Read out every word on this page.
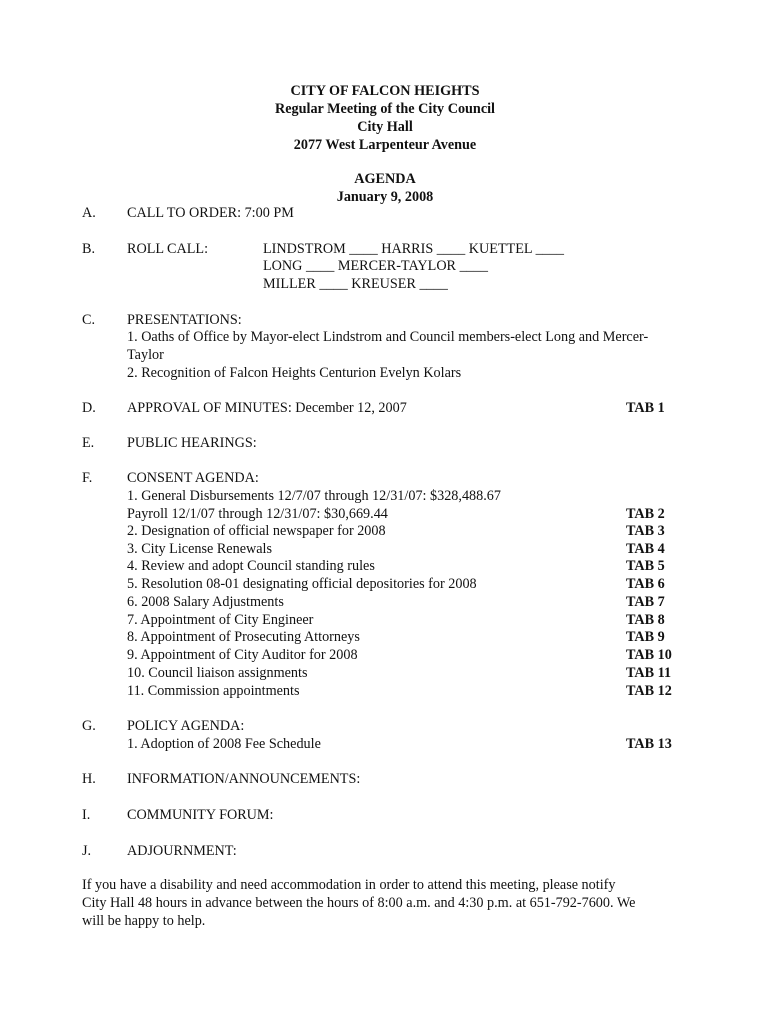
CITY OF FALCON HEIGHTS
Regular Meeting of the City Council
City Hall
2077 West Larpenteur Avenue
AGENDA
January 9, 2008
A. CALL TO ORDER: 7:00 PM
B. ROLL CALL:	LINDSTROM ____ HARRIS ____ KUETTEL ____
LONG ____ MERCER-TAYLOR ____
MILLER ____ KREUSER ____
C. PRESENTATIONS:
1. Oaths of Office by Mayor-elect Lindstrom and Council members-elect Long and Mercer-
Taylor
2. Recognition of Falcon Heights Centurion Evelyn Kolars
D. APPROVAL OF MINUTES: December 12, 2007	TAB 1
E. PUBLIC HEARINGS:
F. CONSENT AGENDA:
1. General Disbursements 12/7/07 through 12/31/07: $328,488.67
Payroll 12/1/07 through 12/31/07: $30,669.44	TAB 2
2. Designation of official newspaper for 2008	TAB 3
3. City License Renewals	TAB 4
4. Review and adopt Council standing rules	TAB 5
5. Resolution 08-01 designating official depositories for 2008	TAB 6
6. 2008 Salary Adjustments	TAB 7
7. Appointment of City Engineer	TAB 8
8. Appointment of Prosecuting Attorneys	TAB 9
9. Appointment of City Auditor for 2008	TAB 10
10. Council liaison assignments	TAB 11
11. Commission appointments	TAB 12
G. POLICY AGENDA:
1. Adoption of 2008 Fee Schedule	TAB 13
H. INFORMATION/ANNOUNCEMENTS:
I.	COMMUNITY FORUM:
J.	ADJOURNMENT:
If you have a disability and need accommodation in order to attend this meeting, please notify
City Hall 48 hours in advance between the hours of 8:00 a.m. and 4:30 p.m. at 651-792-7600. We
will be happy to help.
